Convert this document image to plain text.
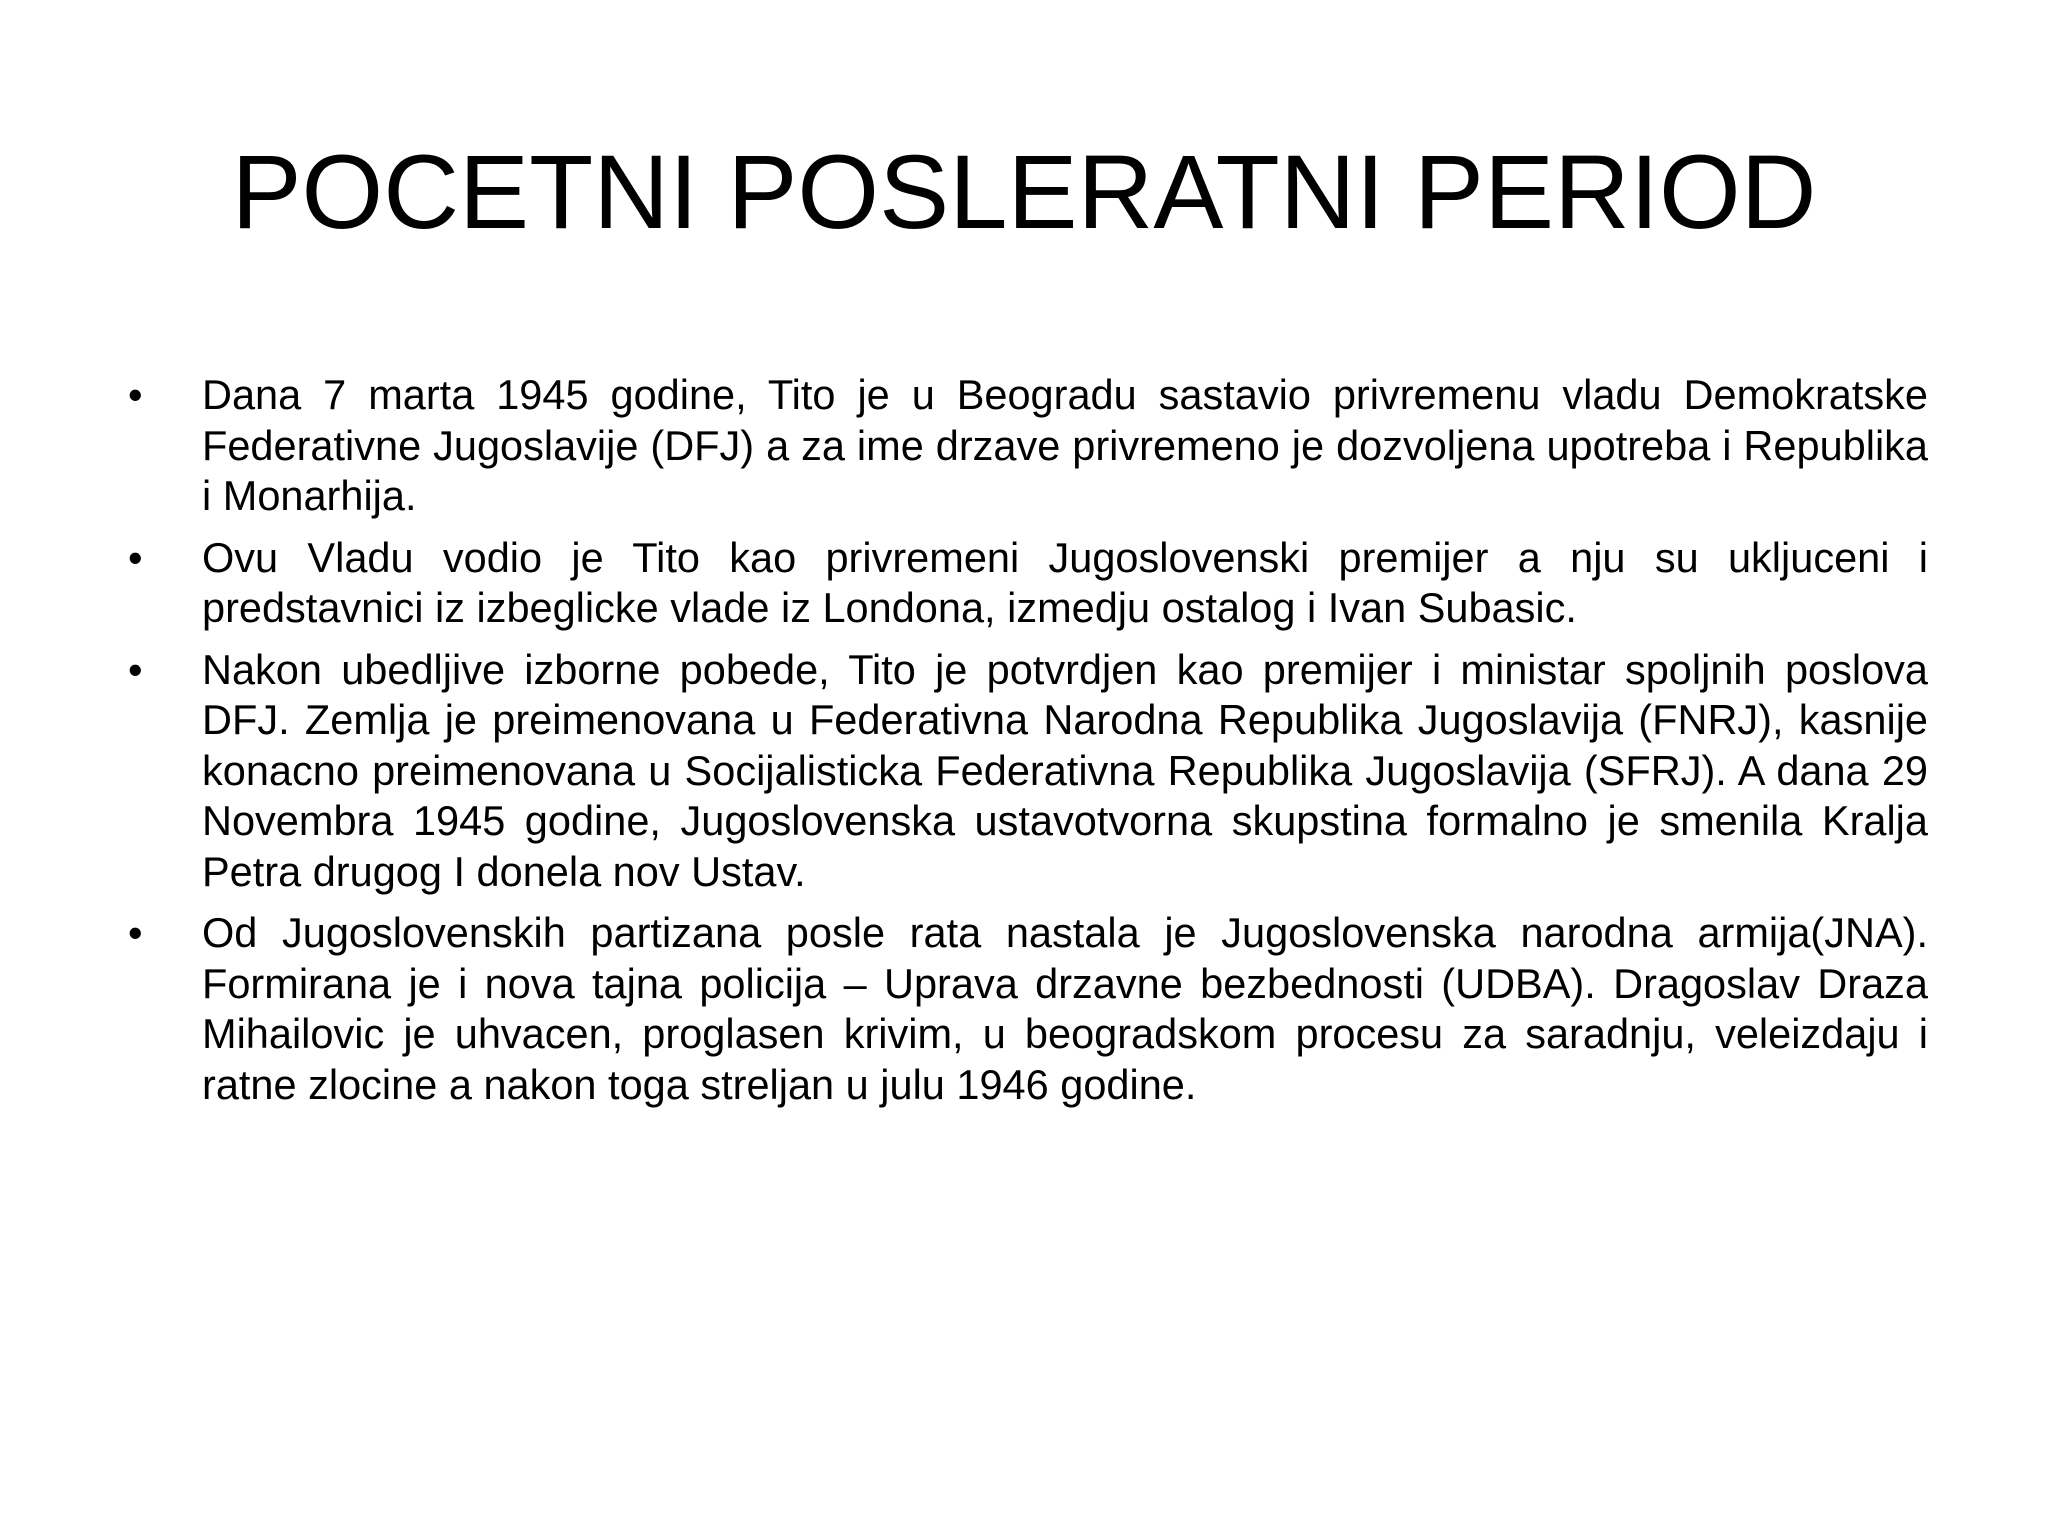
POCETNI POSLERATNI PERIOD
•	Dana 7 marta 1945 godine, Tito je u Beogradu sastavio privremenu vladu Demokratske Federativne Jugoslavije (DFJ) a za ime drzave privremeno je dozvoljena upotreba i Republika i Monarhija.
•	Ovu Vladu vodio je Tito kao privremeni Jugoslovenski premijer a nju su ukljuceni i predstavnici iz izbeglicke vlade iz Londona, izmedju ostalog i Ivan Subasic.
•	Nakon ubedljive izborne pobede, Tito je potvrdjen kao premijer i ministar spoljnih poslova DFJ. Zemlja je preimenovana u Federativna Narodna Republika Jugoslavija (FNRJ), kasnije konacno preimenovana u Socijalisticka Federativna Republika Jugoslavija (SFRJ). A dana 29 Novembra 1945 godine, Jugoslovenska ustavotvorna skupstina formalno je smenila Kralja Petra drugog I donela nov Ustav.
•	Od Jugoslovenskih partizana posle rata nastala je Jugoslovenska narodna armija(JNA). Formirana je i nova tajna policija – Uprava drzavne bezbednosti (UDBA). Dragoslav Draza Mihailovic je uhvacen, proglasen krivim, u beogradskom procesu za saradnju, veleizdaju i ratne zlocine a nakon toga streljan u julu 1946 godine.
